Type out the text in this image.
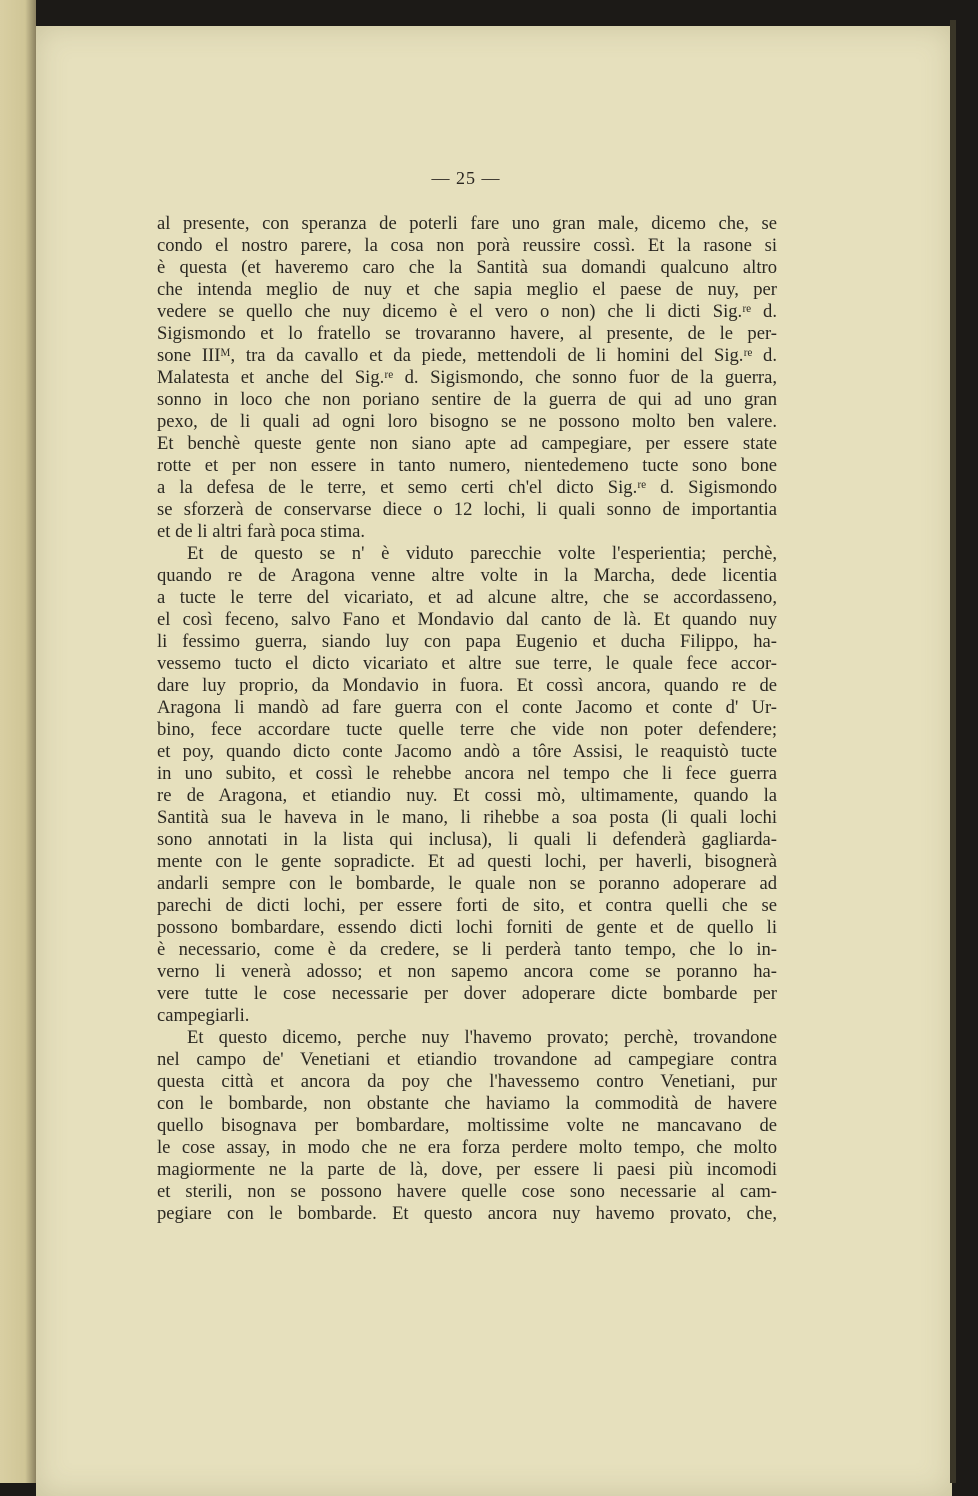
— 25 —
al presente, con speranza de poterli fare uno gran male, dicemo che, se
condo el nostro parere, la cosa non porà reussire cossì. Et la rasone si
è questa (et haveremo caro che la Santità sua domandi qualcuno altro
che intenda meglio de nuy et che sapia meglio el paese de nuy, per
vedere se quello che nuy dicemo è el vero o non) che li dicti Sig.ʳᵉ d.
Sigismondo et lo fratello se trovaranno havere, al presente, de le per-
sone IIIᴹ, tra da cavallo et da piede, mettendoli de li homini del Sig.ʳᵉ d.
Malatesta et anche del Sig.ʳᵉ d. Sigismondo, che sonno fuor de la guerra,
sonno in loco che non poriano sentire de la guerra de qui ad uno gran
pexo, de li quali ad ogni loro bisogno se ne possono molto ben valere.
Et benchè queste gente non siano apte ad campegiare, per essere state
rotte et per non essere in tanto numero, nientedemeno tucte sono bone
a la defesa de le terre, et semo certi ch'el dicto Sig.ʳᵉ d. Sigismondo
se sforzerà de conservarse diece o 12 lochi, li quali sonno de importantia
et de li altri farà poca stima.
Et de questo se n' è viduto parecchie volte l'esperientia; perchè,
quando re de Aragona venne altre volte in la Marcha, dede licentia
a tucte le terre del vicariato, et ad alcune altre, che se accordasseno,
el così feceno, salvo Fano et Mondavio dal canto de là. Et quando nuy
li fessimo guerra, siando luy con papa Eugenio et ducha Filippo, ha-
vessemo tucto el dicto vicariato et altre sue terre, le quale fece accor-
dare luy proprio, da Mondavio in fuora. Et cossì ancora, quando re de
Aragona li mandò ad fare guerra con el conte Jacomo et conte d' Ur-
bino, fece accordare tucte quelle terre che vide non poter defendere;
et poy, quando dicto conte Jacomo andò a tôre Assisi, le reaquistò tucte
in uno subito, et cossì le rehebbe ancora nel tempo che li fece guerra
re de Aragona, et etiandio nuy. Et cossi mò, ultimamente, quando la
Santità sua le haveva in le mano, li rihebbe a soa posta (li quali lochi
sono annotati in la lista qui inclusa), li quali li defenderà gagliarda-
mente con le gente sopradicte. Et ad questi lochi, per haverli, bisognerà
andarli sempre con le bombarde, le quale non se poranno adoperare ad
parechi de dicti lochi, per essere forti de sito, et contra quelli che se
possono bombardare, essendo dicti lochi forniti de gente et de quello li
è necessario, come è da credere, se li perderà tanto tempo, che lo in-
verno li venerà adosso; et non sapemo ancora come se poranno ha-
vere tutte le cose necessarie per dover adoperare dicte bombarde per
campegiarli.
Et questo dicemo, perche nuy l'havemo provato; perchè, trovandone
nel campo de' Venetiani et etiandio trovandone ad campegiare contra
questa città et ancora da poy che l'havessemo contro Venetiani, pur
con le bombarde, non obstante che haviamo la commodità de havere
quello bisognava per bombardare, moltissime volte ne mancavano de
le cose assay, in modo che ne era forza perdere molto tempo, che molto
magiormente ne la parte de là, dove, per essere li paesi più incomodi
et sterili, non se possono havere quelle cose sono necessarie al cam-
pegiare con le bombarde. Et questo ancora nuy havemo provato, che,
